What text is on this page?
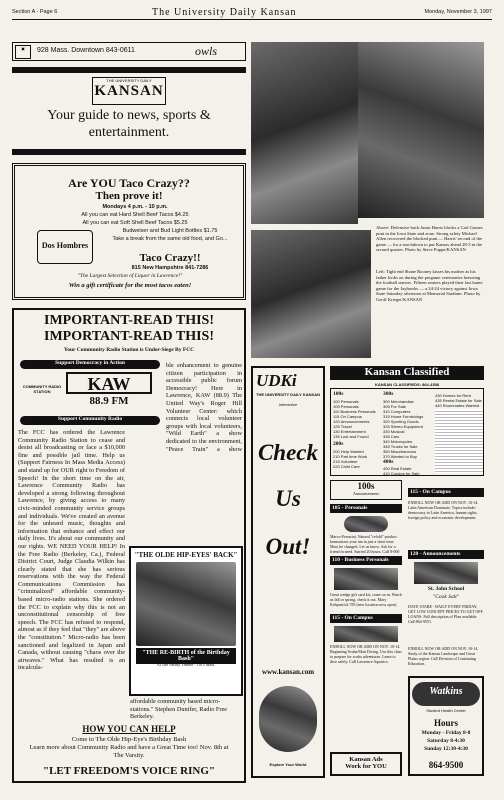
Section A - Page 6	The University Daily Kansan	Monday, November 3, 1997
▣	928 Mass. Downtown 843-0611	owls
THE UNIVERSITY DAILY
KANSAN
Your guide to news, sports & entertainment.
Are YOU Taco Crazy??
Then prove it!
Mondays 4 p.m. - 10 p.m.
All you can eat Hard Shell Beef Tacos $4.25
All you can eat Soft Shell Beef Tacos $5.25
Budweiser and Bud Light Bottles $1.75
Take a break from the same old food, and Go...
Dos Hombres
Taco Crazy!!
815 New Hampshire 841-7286
"The Largest Selection of Liquor in Lawrence!"
Win a gift certificate for the most tacos eaten!
IMPORTANT-READ THIS!
IMPORTANT-READ THIS!
Your Community Radio Station is Under-Siege By FCC
Support Democracy in Action
COMMUNITY RADIO STATION	KAW
88.9 FM
Support Community Radio
The FCC has ordered the Lawrence Community Radio Station to cease and desist all broadcasting or face a $10,000 fine and possible jail time. Help us (Support Fairness In Mass Media Access) and stand up for OUR right to Freedom of Speech! In the short time on the air, Lawrence Community Radio has developed a strong following throughout Lawrence, by giving access to many civic-minded community service groups and individuals. We've created an avenue for the unheard music, thoughts and information that enhance and effect our daily lives. It's about our community and our rights. WE NEED YOUR HELP! In the Free Radio (Berkeley, Ca.), Federal District Court, Judge Claudia Wilkin has clearly stated that she has serious reservations with the way the Federal Communications Commission has "criminalized" affordable community-based micro-radio stations. She ordered the FCC to explain why this is not an unconstitutional censorship of free speech. The FCC has refused to respond, almost as if they feel that "they" are above the "constitution." Micro-radio has been sanctioned and legalized in Japan and Canada, without causing "chaos over the airwaves." What has resulted is an incalcula-
ble enhancement to genuine citizen participation in accessible public forum Democracy! Here in Lawrence, KAW (88.9) The United Way's Roger Hill Volunteer Center: which connects local volunteer groups with local volunteers, "Wild Earth" a show dedicated to the environment, "Peace Train" a show
"THE OLDE HIP-EYES' BACK"
"THE RE-BIRTH of the Birthday Bash"
At The Varsity Theater - 1015 Mass.
affordable community based micro-stations." Stephen Dunifer, Radio Free Berkeley.
HOW YOU CAN HELP
Come to The Olde Hip-Eye's Birthday Bash
Learn more about Community Radio and have a Great Time too! Nov. 8th at The Varsity.
"LET FREEDOM'S VOICE RING"
Above: Defensive back Jason Harris blocks a Carl Gomes punt in the Iowa State and zone. Strong safety Michael Allen recovered the blocked punt — Harris' second of the game — for a touchdown to put Kansas ahead 28-3 in the second quarter. Photo by Steve Puppe/KANSAN
Left: Tight end Shane Rooney kisses his mother as his father looks on during the pregame ceremonies honoring the football seniors. Fifteen seniors played their last home game for the Jayhawks — a 34-24 victory against Iowa State Saturday afternoon at Memorial Stadium. Photo by Geoff Krieger/KANSAN
UDKi
THE UNIVERSITY DAILY KANSAN
interactive
Check
Us
Out!
www.kansan.com
Explore Your World
Kansan Classified
KANSAN CLASSIFIEDS: 864-4358
100s
100 Personals
105 Personals
110 Business Personals
115 On Campus
120 Announcements
125 Travel
130 Entertainment
135 Lost and Found
200s
200 Help Wanted
210 Part time Work
215 Volunteer
220 Child Care
300s
300 Merchandise
305 For Sale
310 Computers
315 Home Furnishings
320 Sporting Goods
325 Stereo Equipment
330 Musical
335 Cars
340 Motorcycles
345 Trucks for Sale
350 Miscellaneous
370 Wanted to Buy
400s
400 Real Estate
410 Condos for Sale
430 Homes for Rent
435 Rental Estate for Sale
440 Roommates Wanted
100s
Announcements
105 - Personals
Marco-Ferrarini, Natural "refold" product harmonizes your tan in just a short time. Must be changed. Let us know. Ask for a friend in need. Started 20 hours. Call 8-000
110 - Business Personals
Great wedge gift card kit, come on in. Watch as fall or spring, check it out. Mary Kirkpatrick 785 (new location now open).
115 - On Campus
ENROLL NOW OR ADD ON NOV. 10-14. Beginning Scuba/Skin Diving. Use this class to prepare for scuba adventures. Learn to dive safely. Call Lawrence Aquatics.
Kansan Ads
Work for YOU
115 - On Campus
ENROLL NOW OR ADD ON NOV. 10-14. Latin American Dominate. Topics include: democracy in Latin America, human rights, foreign policy and economic development.
120 - Announcements
St. John School
"Cook Salt"
DAVE STARE - DAILY EVERY FRIDAY, GET LOW CONCEPT PRICES TO GET OFF LOANS. Full description of Plan available. Call 864-9551.
ENROLL NOW OR ADD ON NOV. 10-14. Study of the Kansas Landscape and Great Plains region. Call Division of Continuing Education.
Watkins
Student Health Center
Hours
Monday - Friday 8-8
Saturday 8-4:30
Sunday 12:30-4:30
864-9500
